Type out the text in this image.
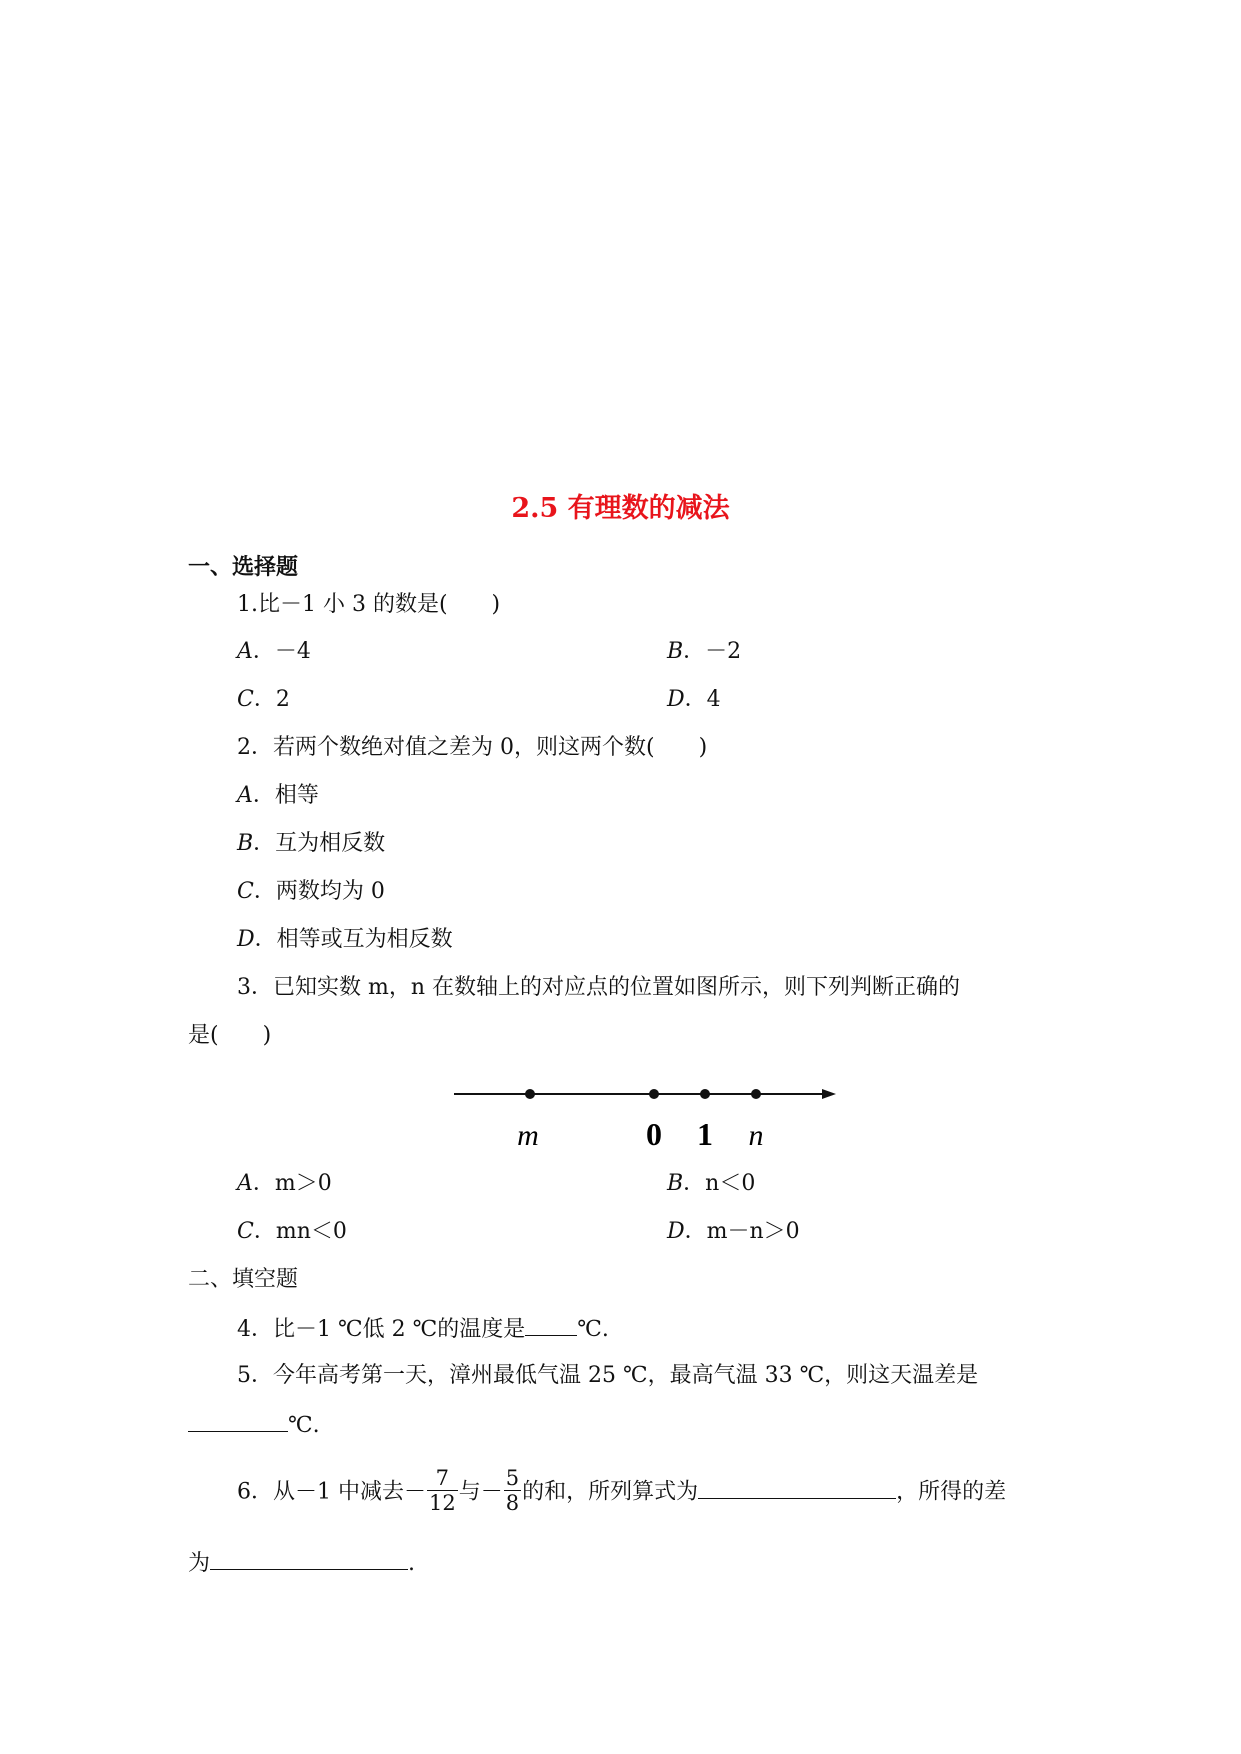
2.5 有理数的减法
一、选择题
1.比－1 小 3 的数是(　　)
A．－4	B．－2
C．2	D．4
2．若两个数绝对值之差为 0，则这两个数(　　)
A．相等
B．互为相反数
C．两数均为 0
D．相等或互为相反数
3．已知实数 m，n 在数轴上的对应点的位置如图所示，则下列判断正确的
是(　　)
m	0 1 n
A．m＞0	B．n＜0
C．mn＜0	D．m－n＞0
二、填空题
4．比－1 ℃低 2 ℃的温度是 ℃.
5．今年高考第一天，漳州最低气温 25 ℃，最高气温 33 ℃，则这天温差是
℃.
6．从－1 中减去－ $\frac{7}{12}$ 与－ $\frac{5}{8}$ 的和，所列算式为	，所得的差
为	.
